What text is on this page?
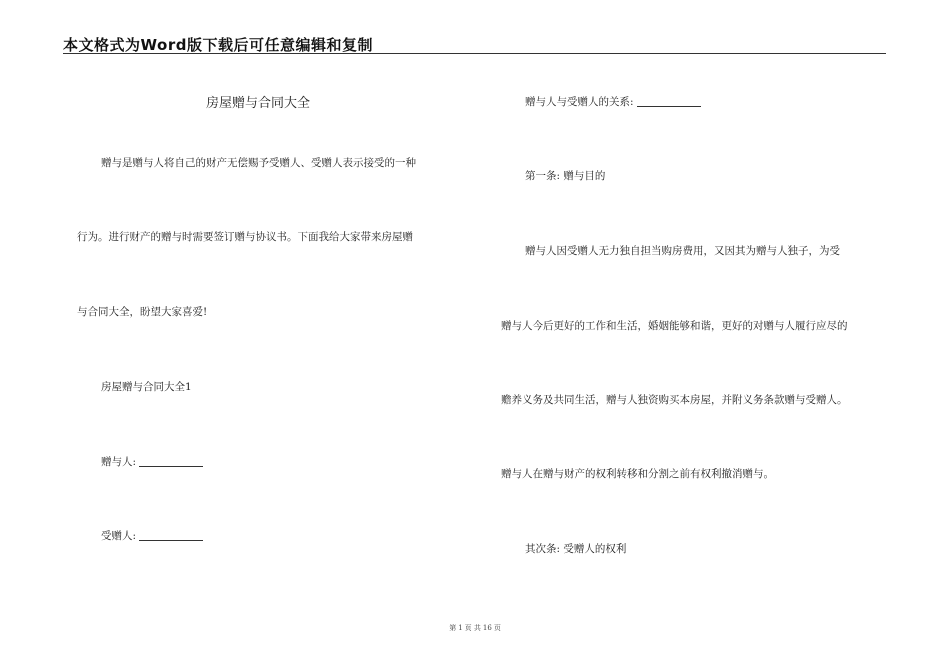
本文格式为Word版下载后可任意编辑和复制
房屋赠与合同大全
赠与是赠与人将自己的财产无偿赐予受赠人、受赠人表示接受的一种
行为。进行财产的赠与时需要签订赠与协议书。下面我给大家带来房屋赠
与合同大全，盼望大家喜爱!
房屋赠与合同大全1
赠与人:
受赠人:
赠与人与受赠人的关系:
第一条: 赠与目的
赠与人因受赠人无力独自担当购房费用，又因其为赠与人独子，为受
赠与人今后更好的工作和生活，婚姻能够和谐，更好的对赠与人履行应尽的
赡养义务及共同生活，赠与人独资购买本房屋，并附义务条款赠与受赠人。
赠与人在赠与财产的权利转移和分割之前有权利撤消赠与。
其次条: 受赠人的权利
第 1 页 共 16 页
